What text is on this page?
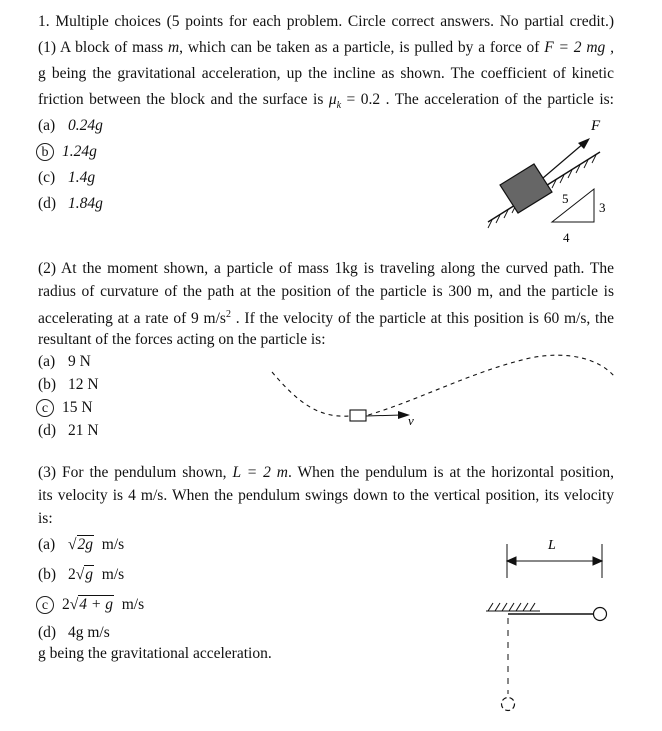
1. Multiple choices (5 points for each problem. Circle correct answers. No partial credit.)
(1) A block of mass m, which can be taken as a particle, is pulled by a force of F = 2 mg ,
g being the gravitational acceleration, up the incline as shown. The coefficient of kinetic
friction between the block and the surface is $\mu_k = 0.2$ . The acceleration of the particle is:
(a) 0.24g
b 1.24g
(c) 1.4g
(d) 1.84g
F
5
3
4
(2) At the moment shown, a particle of mass 1kg is traveling along the curved path. The
radius of curvature of the path at the position of the particle is 300 m, and the particle is
accelerating at a rate of 9 $m/s^2$ . If the velocity of the particle at this position is 60 m/s, the
resultant of the forces acting on the particle is:
(a) 9 N
(b) 12 N
c 15 N
(d) 21 N
v
(3) For the pendulum shown, L = 2 m. When the pendulum is at the horizontal position,
its velocity is 4 m/s. When the pendulum swings down to the vertical position, its velocity
is:
(a) √2g  m/s
(b) 2√g  m/s
c 2√4 + g  m/s
(d) 4g m/s
g being the gravitational acceleration.
L
